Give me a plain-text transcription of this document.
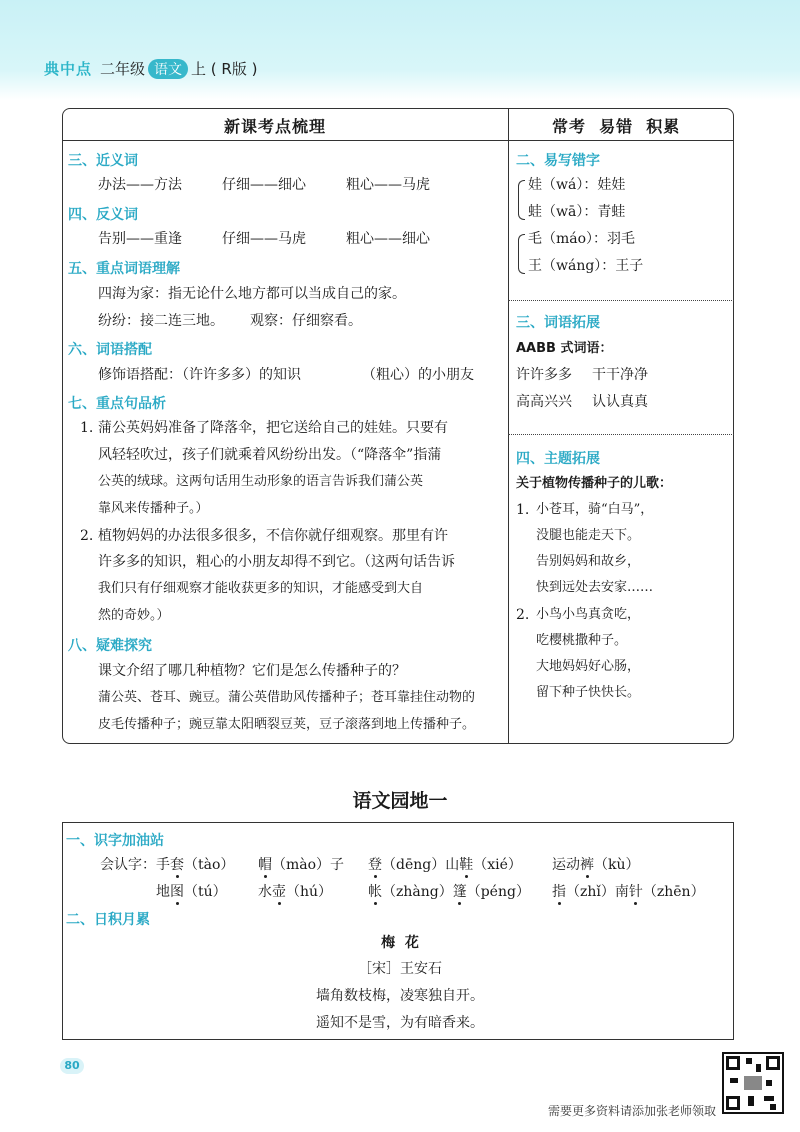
典中点 二年级 语文 上 ( R版 )
新课考点梳理	常考  易错  积累
三、近义词
办法——方法	仔细——细心	粗心——马虎
四、反义词
告别——重逢	仔细——马虎	粗心——细心
五、重点词语理解
四海为家：指无论什么地方都可以当成自己的家。
纷纷：接二连三地。 观察：仔细察看。
六、词语搭配
修饰语搭配：（许许多多）的知识	（粗心）的小朋友
七、重点句品析
1. 蒲公英妈妈准备了降落伞，把它送给自己的娃娃。只要有
风轻轻吹过，孩子们就乘着风纷纷出发。（“降落伞”指蒲
公英的绒球。这两句话用生动形象的语言告诉我们蒲公英
靠风来传播种子。）
2. 植物妈妈的办法很多很多，不信你就仔细观察。那里有许
许多多的知识，粗心的小朋友却得不到它。（这两句话告诉
我们只有仔细观察才能收获更多的知识，才能感受到大自
然的奇妙。）
八、疑难探究
课文介绍了哪几种植物？它们是怎么传播种子的？
蒲公英、苍耳、豌豆。蒲公英借助风传播种子；苍耳靠挂住动物的
皮毛传播种子；豌豆靠太阳晒裂豆荚，豆子滚落到地上传播种子。
二、易写错字
娃（wá）：娃娃
蛙（wā）：青蛙
毛（máo）：羽毛
王（wáng）：王子
三、词语拓展
AABB 式词语：
许许多多 干干净净
高高兴兴 认认真真
四、主题拓展
关于植物传播种子的儿歌：
1. 小苍耳，骑“白马”，
没腿也能走天下。
告别妈妈和故乡，
快到远处去安家……
2. 小鸟小鸟真贪吃，
吃樱桃撒种子。
大地妈妈好心肠，
留下种子快快长。
语文园地一
一、识字加油站
会认字：手套（tào） 帽（mào）子 登（dēng）山鞋（xié） 运动裤（kù）
地图（tú） 水壶（hú）	帐（zhàng）篷（péng） 指（zhǐ）南针（zhēn）
二、日积月累
梅  花
［宋］王安石
墙角数枝梅，凌寒独自开。
遥知不是雪，为有暗香来。
80
需要更多资料请添加张老师领取
